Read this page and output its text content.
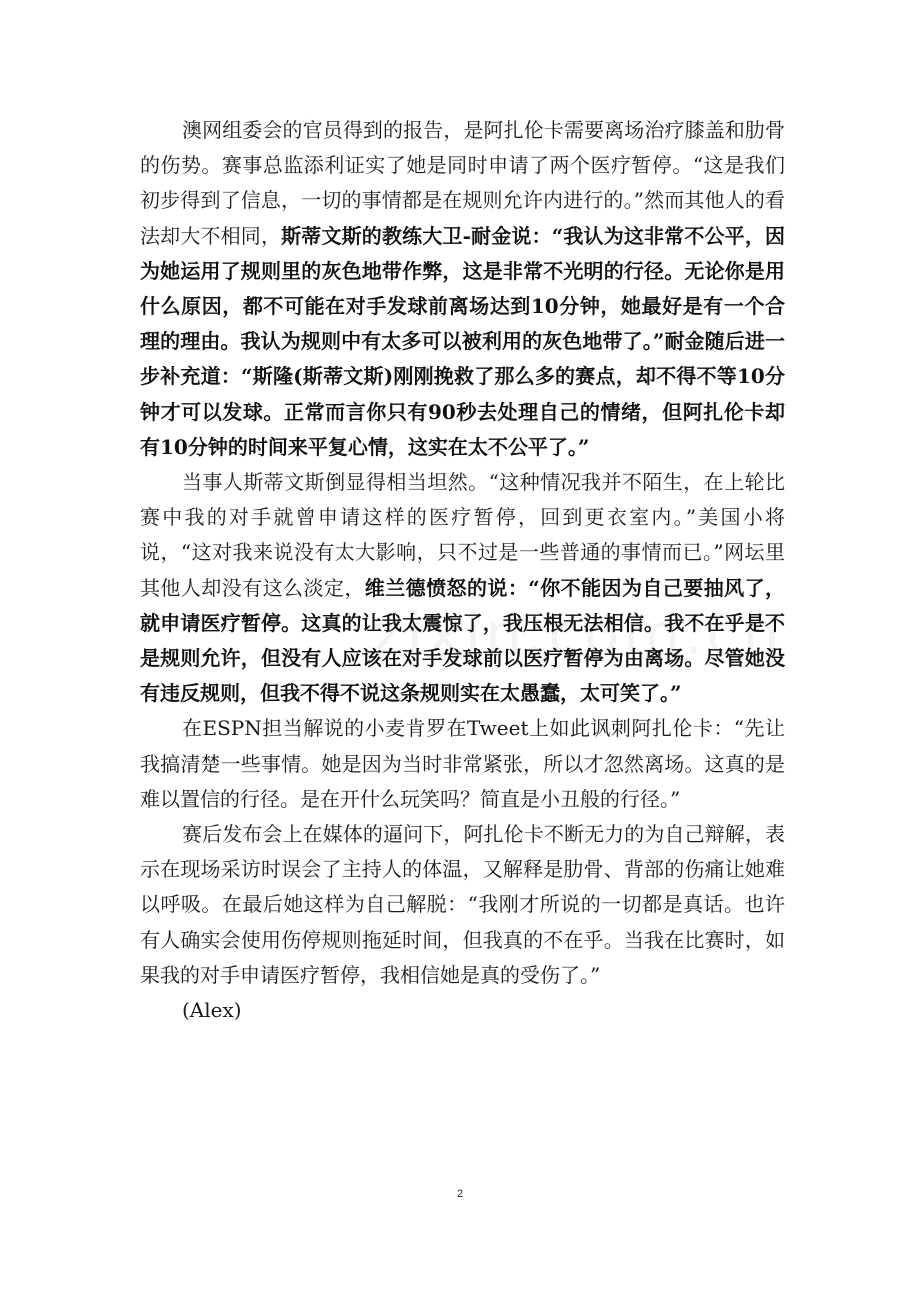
澳网组委会的官员得到的报告，是阿扎伦卡需要离场治疗膝盖和肋骨的伤势。赛事总监添利证实了她是同时申请了两个医疗暂停。“这是我们初步得到了信息，一切的事情都是在规则允许内进行的。”然而其他人的看法却大不相同，斯蒂文斯的教练大卫-耐金说：“我认为这非常不公平，因为她运用了规则里的灰色地带作弊，这是非常不光明的行径。无论你是用什么原因，都不可能在对手发球前离场达到10分钟，她最好是有一个合理的理由。我认为规则中有太多可以被利用的灰色地带了。”耐金随后进一步补充道：“斯隆(斯蒂文斯)刚刚挽救了那么多的赛点，却不得不等10分钟才可以发球。正常而言你只有90秒去处理自己的情绪，但阿扎伦卡却有10分钟的时间来平复心情，这实在太不公平了。”

当事人斯蒂文斯倒显得相当坦然。“这种情况我并不陌生，在上轮比赛中我的对手就曾申请这样的医疗暂停，回到更衣室内。”美国小将说，“这对我来说没有太大影响，只不过是一些普通的事情而已。”网坛里其他人却没有这么淡定，维兰德愤怒的说：“你不能因为自己要抽风了，就申请医疗暂停。这真的让我太震惊了，我压根无法相信。我不在乎是不是规则允许，但没有人应该在对手发球前以医疗暂停为由离场。尽管她没有违反规则，但我不得不说这条规则实在太愚蠢，太可笑了。”

在ESPN担当解说的小麦肯罗在Tweet上如此讽刺阿扎伦卡：“先让我搞清楚一些事情。她是因为当时非常紧张，所以才忽然离场。这真的是难以置信的行径。是在开什么玩笑吗？简直是小丑般的行径。”

赛后发布会上在媒体的逼问下，阿扎伦卡不断无力的为自己辩解，表示在现场采访时误会了主持人的体温，又解释是肋骨、背部的伤痛让她难以呼吸。在最后她这样为自己解脱：“我刚才所说的一切都是真话。也许有人确实会使用伤停规则拖延时间，但我真的不在乎。当我在比赛时，如果我的对手申请医疗暂停，我相信她是真的受伤了。”

(Alex)

2
